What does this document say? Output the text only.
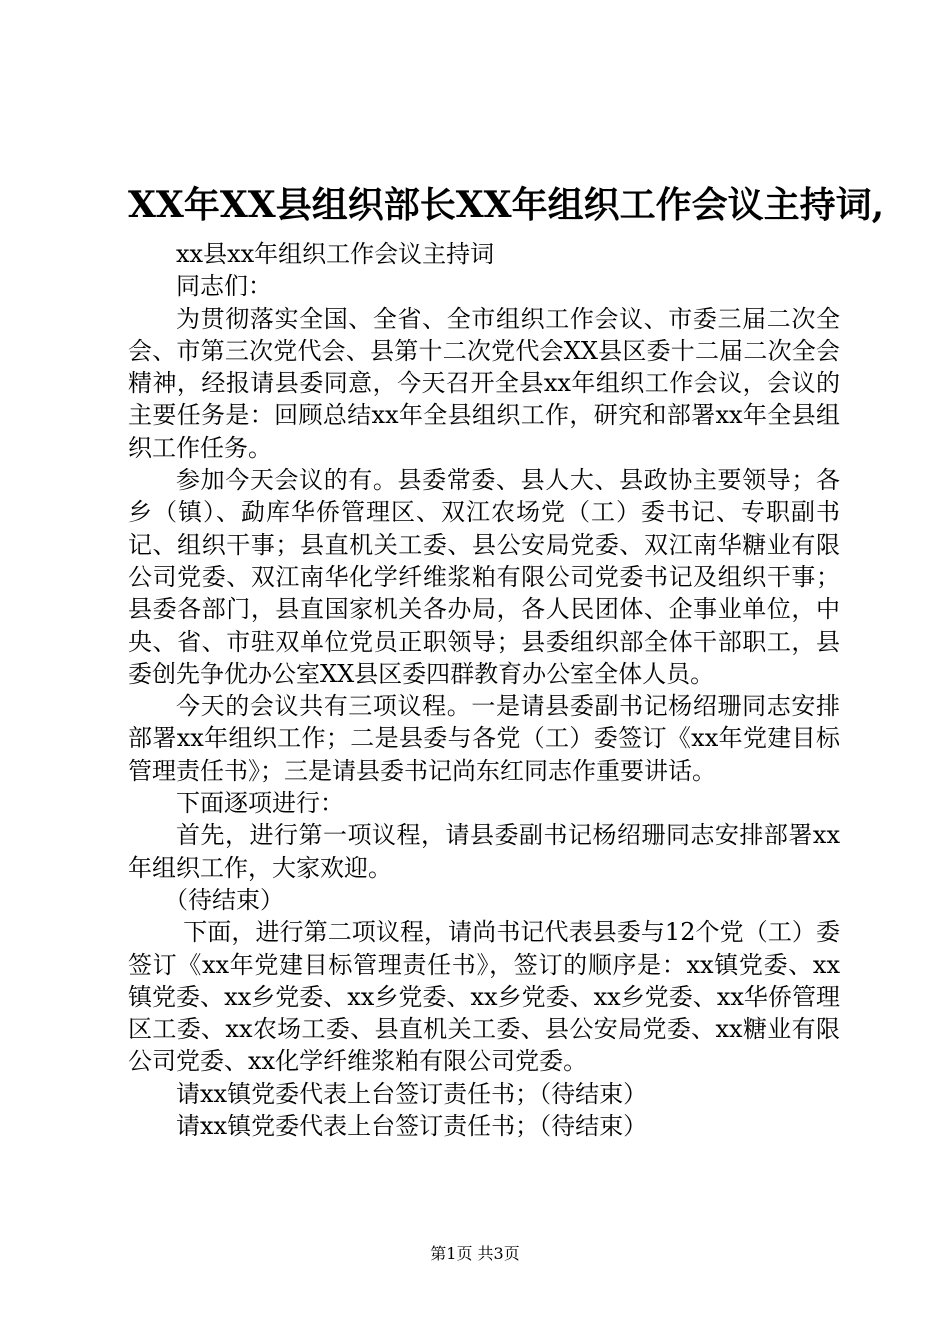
XX年XX县组织部长XX年组织工作会议主持词,

xx县xx年组织工作会议主持词

同志们：

为贯彻落实全国、全省、全市组织工作会议、市委三届二次全会、市第三次党代会、县第十二次党代会XX县区委十二届二次全会精神，经报请县委同意，今天召开全县xx年组织工作会议，会议的主要任务是：回顾总结xx年全县组织工作，研究和部署xx年全县组织工作任务。

参加今天会议的有。县委常委、县人大、县政协主要领导；各乡（镇）、勐库华侨管理区、双江农场党（工）委书记、专职副书记、组织干事；县直机关工委、县公安局党委、双江南华糖业有限公司党委、双江南华化学纤维浆粕有限公司党委书记及组织干事；县委各部门，县直国家机关各办局，各人民团体、企事业单位，中央、省、市驻双单位党员正职领导；县委组织部全体干部职工，县委创先争优办公室XX县区委四群教育办公室全体人员。

今天的会议共有三项议程。一是请县委副书记杨绍珊同志安排部署xx年组织工作；二是县委与各党（工）委签订《xx年党建目标管理责任书》；三是请县委书记尚东红同志作重要讲话。

下面逐项进行：

首先，进行第一项议程，请县委副书记杨绍珊同志安排部署xx年组织工作，大家欢迎。

（待结束）

下面，进行第二项议程，请尚书记代表县委与12个党（工）委签订《xx年党建目标管理责任书》，签订的顺序是：xx镇党委、xx镇党委、xx乡党委、xx乡党委、xx乡党委、xx乡党委、xx华侨管理区工委、xx农场工委、县直机关工委、县公安局党委、xx糖业有限公司党委、xx化学纤维浆粕有限公司党委。

请xx镇党委代表上台签订责任书；（待结束）

请xx镇党委代表上台签订责任书；（待结束）

第1页 共3页
